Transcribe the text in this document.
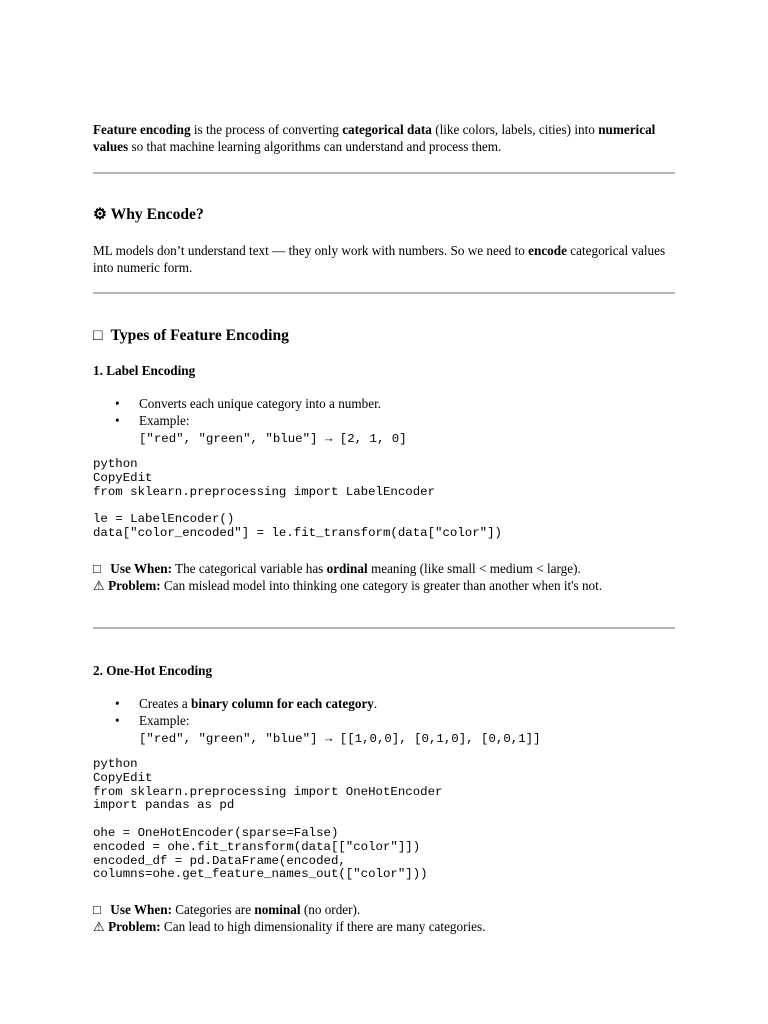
Feature encoding is the process of converting categorical data (like colors, labels, cities) into numerical values so that machine learning algorithms can understand and process them.

⚙ Why Encode?

ML models don’t understand text — they only work with numbers. So we need to encode categorical values into numeric form.

□ Types of Feature Encoding
1. Label Encoding
• Converts each unique category into a number.
• Example:
["red", "green", "blue"] → [2, 1, 0]
python
CopyEdit
from sklearn.preprocessing import LabelEncoder

le = LabelEncoder()
data["color_encoded"] = le.fit_transform(data["color"])

□ Use When: The categorical variable has ordinal meaning (like small < medium < large).

⚠ Problem: Can mislead model into thinking one category is greater than another when it's not.

2. One-Hot Encoding
• Creates a binary column for each category.
• Example:
["red", "green", "blue"] → [[1,0,0], [0,1,0], [0,0,1]]
python
CopyEdit
from sklearn.preprocessing import OneHotEncoder
import pandas as pd

ohe = OneHotEncoder(sparse=False)
encoded = ohe.fit_transform(data[["color"]])
encoded_df = pd.DataFrame(encoded,
columns=ohe.get_feature_names_out(["color"]))

□ Use When: Categories are nominal (no order).

⚠ Problem: Can lead to high dimensionality if there are many categories.
